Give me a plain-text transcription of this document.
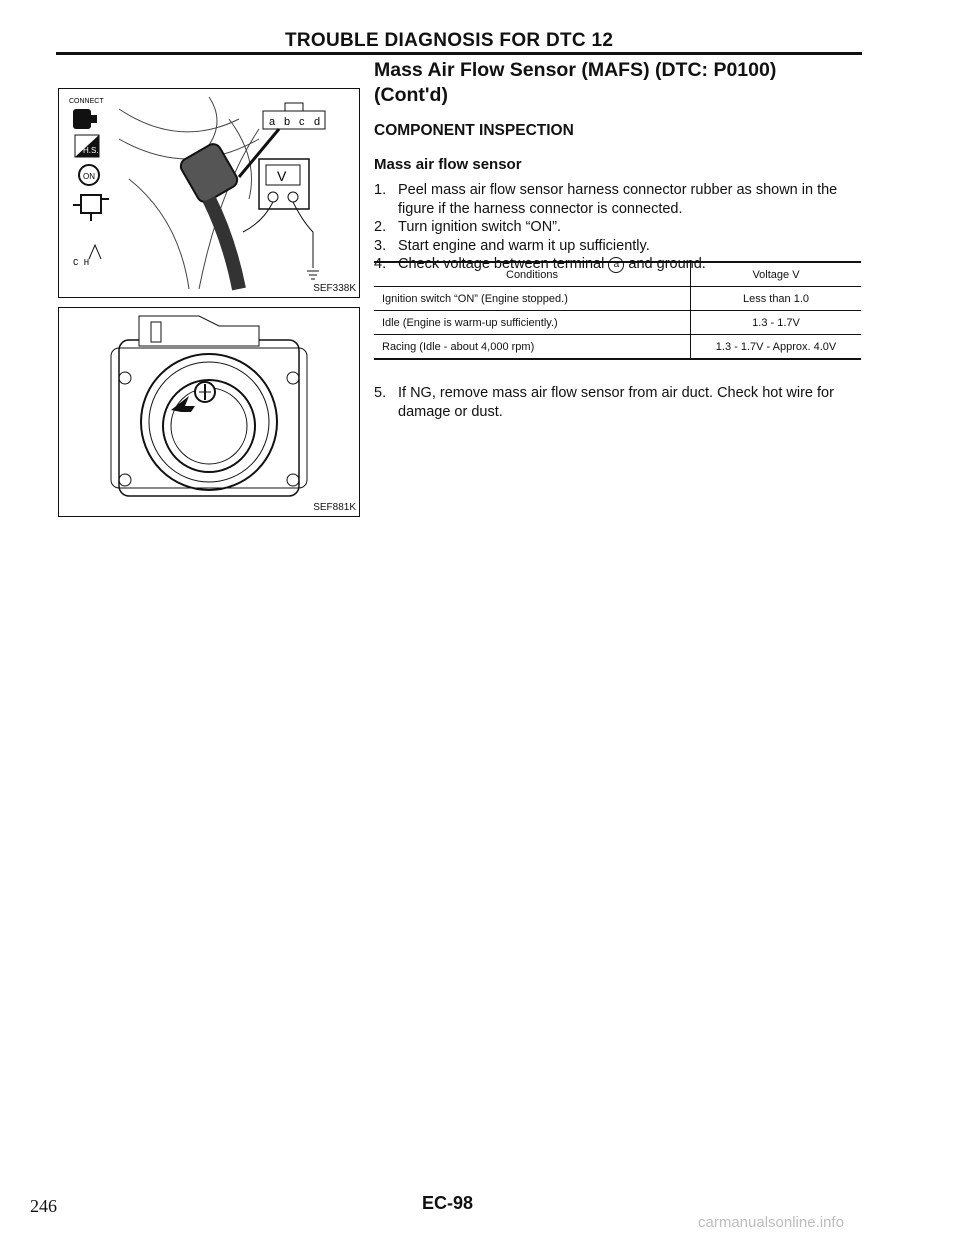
TROUBLE DIAGNOSIS FOR DTC 12
CONNECT
H.S.
ON
C H
a b c d
V
SEF338K
SEF881K

Mass Air Flow Sensor (MAFS) (DTC: P0100)
(Cont'd)

COMPONENT INSPECTION

Mass air flow sensor

1. Peel mass air flow sensor harness connector rubber as shown in the figure if the harness connector is connected.
2. Turn ignition switch “ON”.
3. Start engine and warm it up sufficiently.
4. Check voltage between terminal a and ground.
Conditions	Voltage V
Ignition switch “ON” (Engine stopped.)	Less than 1.0
Idle (Engine is warm-up sufficiently.)	1.3 - 1.7V
Racing (Idle - about 4,000 rpm)	1.3 - 1.7V - Approx. 4.0V
5. If NG, remove mass air flow sensor from air duct. Check hot wire for damage or dust.
246	EC-98
carmanualsonline.info
